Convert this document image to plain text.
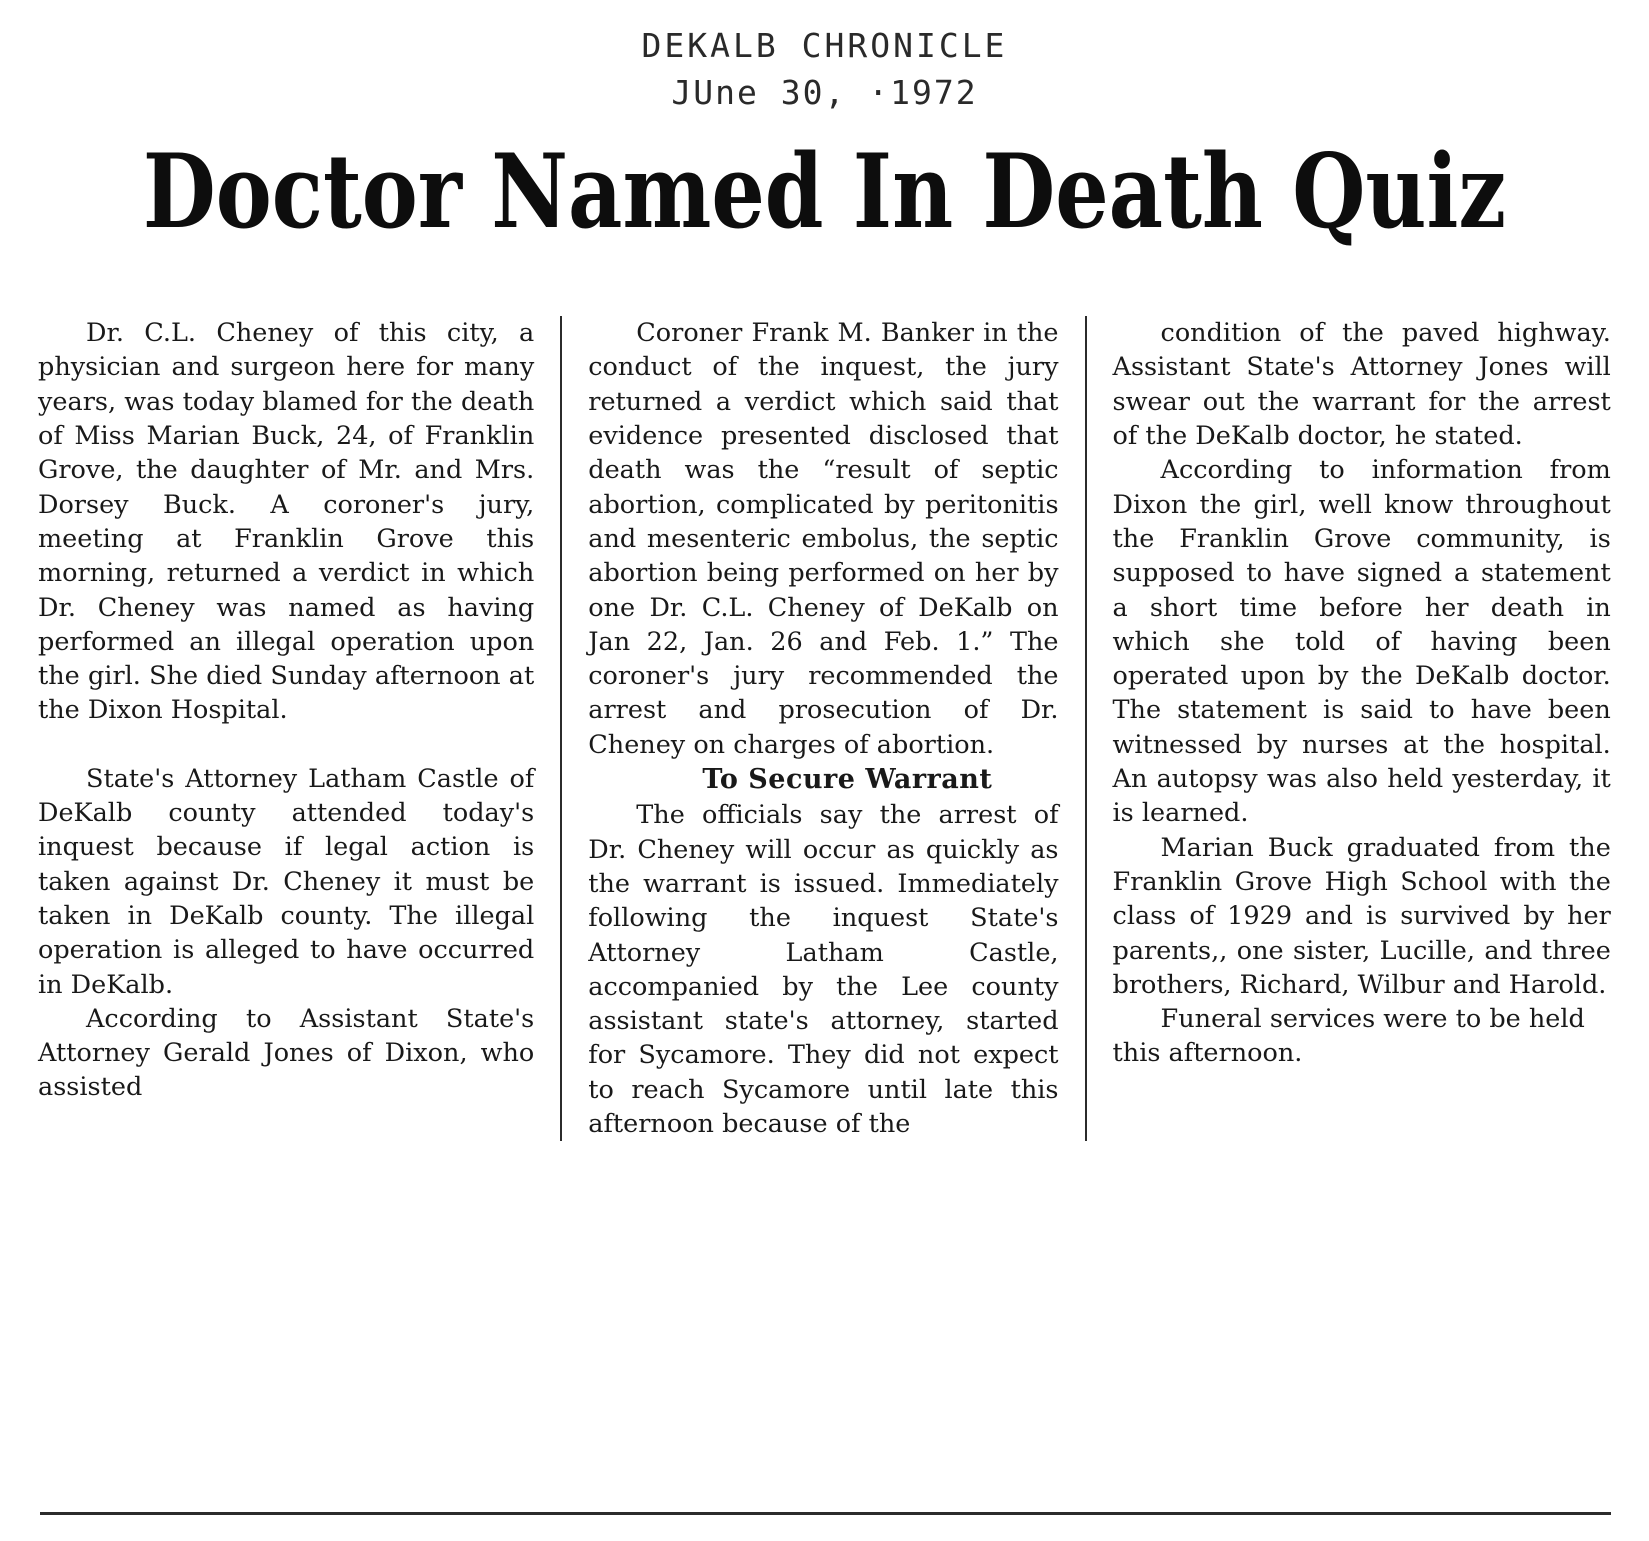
DEKALB CHRONICLE
JUne 30, ·1972
Doctor Named In Death Quiz

Dr. C.L. Cheney of this city, a physician and surgeon here for many years, was today blamed for the death of Miss Marian Buck, 24, of Franklin Grove, the daughter of Mr. and Mrs. Dorsey Buck. A coroner's jury, meeting at Franklin Grove this morning, returned a verdict in which Dr. Cheney was named as having performed an illegal operation upon the girl. She died Sunday afternoon at the Dixon Hospital.

State's Attorney Latham Castle of DeKalb county attended today's inquest because if legal action is taken against Dr. Cheney it must be taken in DeKalb county. The illegal operation is alleged to have occurred in DeKalb.

According to Assistant State's Attorney Gerald Jones of Dixon, who assisted

Coroner Frank M. Banker in the conduct of the inquest, the jury returned a verdict which said that evidence presented disclosed that death was the “result of septic abortion, complicated by peritonitis and mesenteric embolus, the septic abortion being performed on her by one Dr. C.L. Cheney of DeKalb on Jan 22, Jan. 26 and Feb. 1.” The coroner's jury recommended the arrest and prosecution of Dr. Cheney on charges of abortion.

To Secure Warrant

The officials say the arrest of Dr. Cheney will occur as quickly as the warrant is issued. Immediately following the inquest State's Attorney Latham Castle, accompanied by the Lee county assistant state's attorney, started for Sycamore. They did not expect to reach Sycamore until late this afternoon because of the

condition of the paved highway. Assistant State's Attorney Jones will swear out the warrant for the arrest of the DeKalb doctor, he stated.

According to information from Dixon the girl, well know throughout the Franklin Grove community, is supposed to have signed a statement a short time before her death in which she told of having been operated upon by the DeKalb doctor. The statement is said to have been witnessed by nurses at the hospital. An autopsy was also held yesterday, it is learned.

Marian Buck graduated from the Franklin Grove High School with the class of 1929 and is survived by her parents,, one sister, Lucille, and three brothers, Richard, Wilbur and Harold.

Funeral services were to be held this afternoon.
